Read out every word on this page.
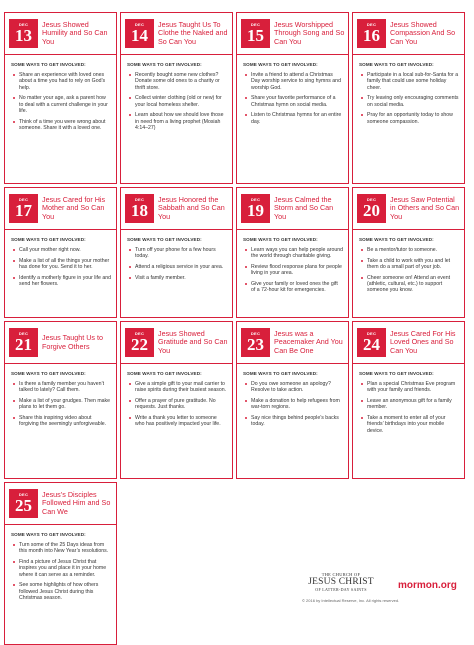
DEC
13
Jesus Showed Humility and So Can You
SOME WAYS TO GET INVOLVED:
Share an experience with loved ones about a time you had to rely on God’s help.
No matter your age, ask a parent how to deal with a current challenge in your life.
Think of a time you were wrong about someone. Share it with a loved one.
DEC
14
Jesus Taught Us To Clothe the Naked and So Can You
SOME WAYS TO GET INVOLVED:
Recently bought some new clothes? Donate some old ones to a charity or thrift store.
Collect winter clothing (old or new) for your local homeless shelter.
Learn about how we should love those in need from a living prophet (Mosiah 4:14–27)
DEC
15
Jesus Worshipped Through Song and So Can You
SOME WAYS TO GET INVOLVED:
Invite a friend to attend a Christmas Day worship service to sing hymns and worship God.
Share your favorite performance of a Christmas hymn on social media.
Listen to Christmas hymns for an entire day.
DEC
16
Jesus Showed Compassion And So Can You
SOME WAYS TO GET INVOLVED:
Participate in a local sub-for-Santa for a family that could use some holiday cheer.
Try leaving only encouraging comments on social media.
Pray for an opportunity today to show someone compassion.
DEC
17
Jesus Cared for His Mother and So Can You
SOME WAYS TO GET INVOLVED:
Call your mother right now.
Make a list of all the things your mother has done for you. Send it to her.
Identify a motherly figure in your life and send her flowers.
DEC
18
Jesus Honored the Sabbath and So Can You
SOME WAYS TO GET INVOLVED:
Turn off your phone for a few hours today.
Attend a religious service in your area.
Visit a family member.
DEC
19
Jesus Calmed the Storm and So Can You
SOME WAYS TO GET INVOLVED:
Learn ways you can help people around the world through charitable giving.
Review flood response plans for people living in your area.
Give your family or loved ones the gift of a 72-hour kit for emergencies.
DEC
20
Jesus Saw Potential in Others and So Can You
SOME WAYS TO GET INVOLVED:
Be a mentor/tutor to someone.
Take a child to work with you and let them do a small part of your job.
Cheer someone on! Attend an event (athletic, cultural, etc.) to support someone you know.
DEC
21 Jesus Taught Us to Forgive Others
SOME WAYS TO GET INVOLVED:
Is there a family member you haven’t talked to lately? Call them.
Make a list of your grudges. Then make plans to let them go.
Share this inspiring video about forgiving the seemingly unforgiveable.
DEC
22
Jesus Showed Gratitude and So Can You
SOME WAYS TO GET INVOLVED:
Give a simple gift to your mail carrier to raise spirits during their busiest season.
Offer a prayer of pure gratitude. No requests. Just thanks.
Write a thank you letter to someone who has positively impacted your life.
DEC
23
Jesus was a Peacemaker And You Can Be One
SOME WAYS TO GET INVOLVED:
Do you owe someone an apology? Resolve to take action.
Make a donation to help refugees from war-torn regions.
Say nice things behind people’s backs today.
DEC
24
Jesus Cared For His Loved Ones and So Can You
SOME WAYS TO GET INVOLVED:
Plan a special Christmas Eve program with your family and friends.
Leave an anonymous gift for a family member.
Take a moment to enter all of your friends’ birthdays into your mobile device.
DEC
25
Jesus’s Disciples Followed Him and So Can We
SOME WAYS TO GET INVOLVED:
Turn some of the 25 Days ideas from this month into New Year’s resolutions.
Find a picture of Jesus Christ that inspires you and place it in your home where it can serve as a reminder.
See some highlights of how others followed Jesus Christ during this Christmas season.
THE CHURCH OF
JESUS CHRIST
OF LATTER-DAY SAINTS	mormon.org
© 2016 by Intellectual Reserve, Inc. All rights reserved.
